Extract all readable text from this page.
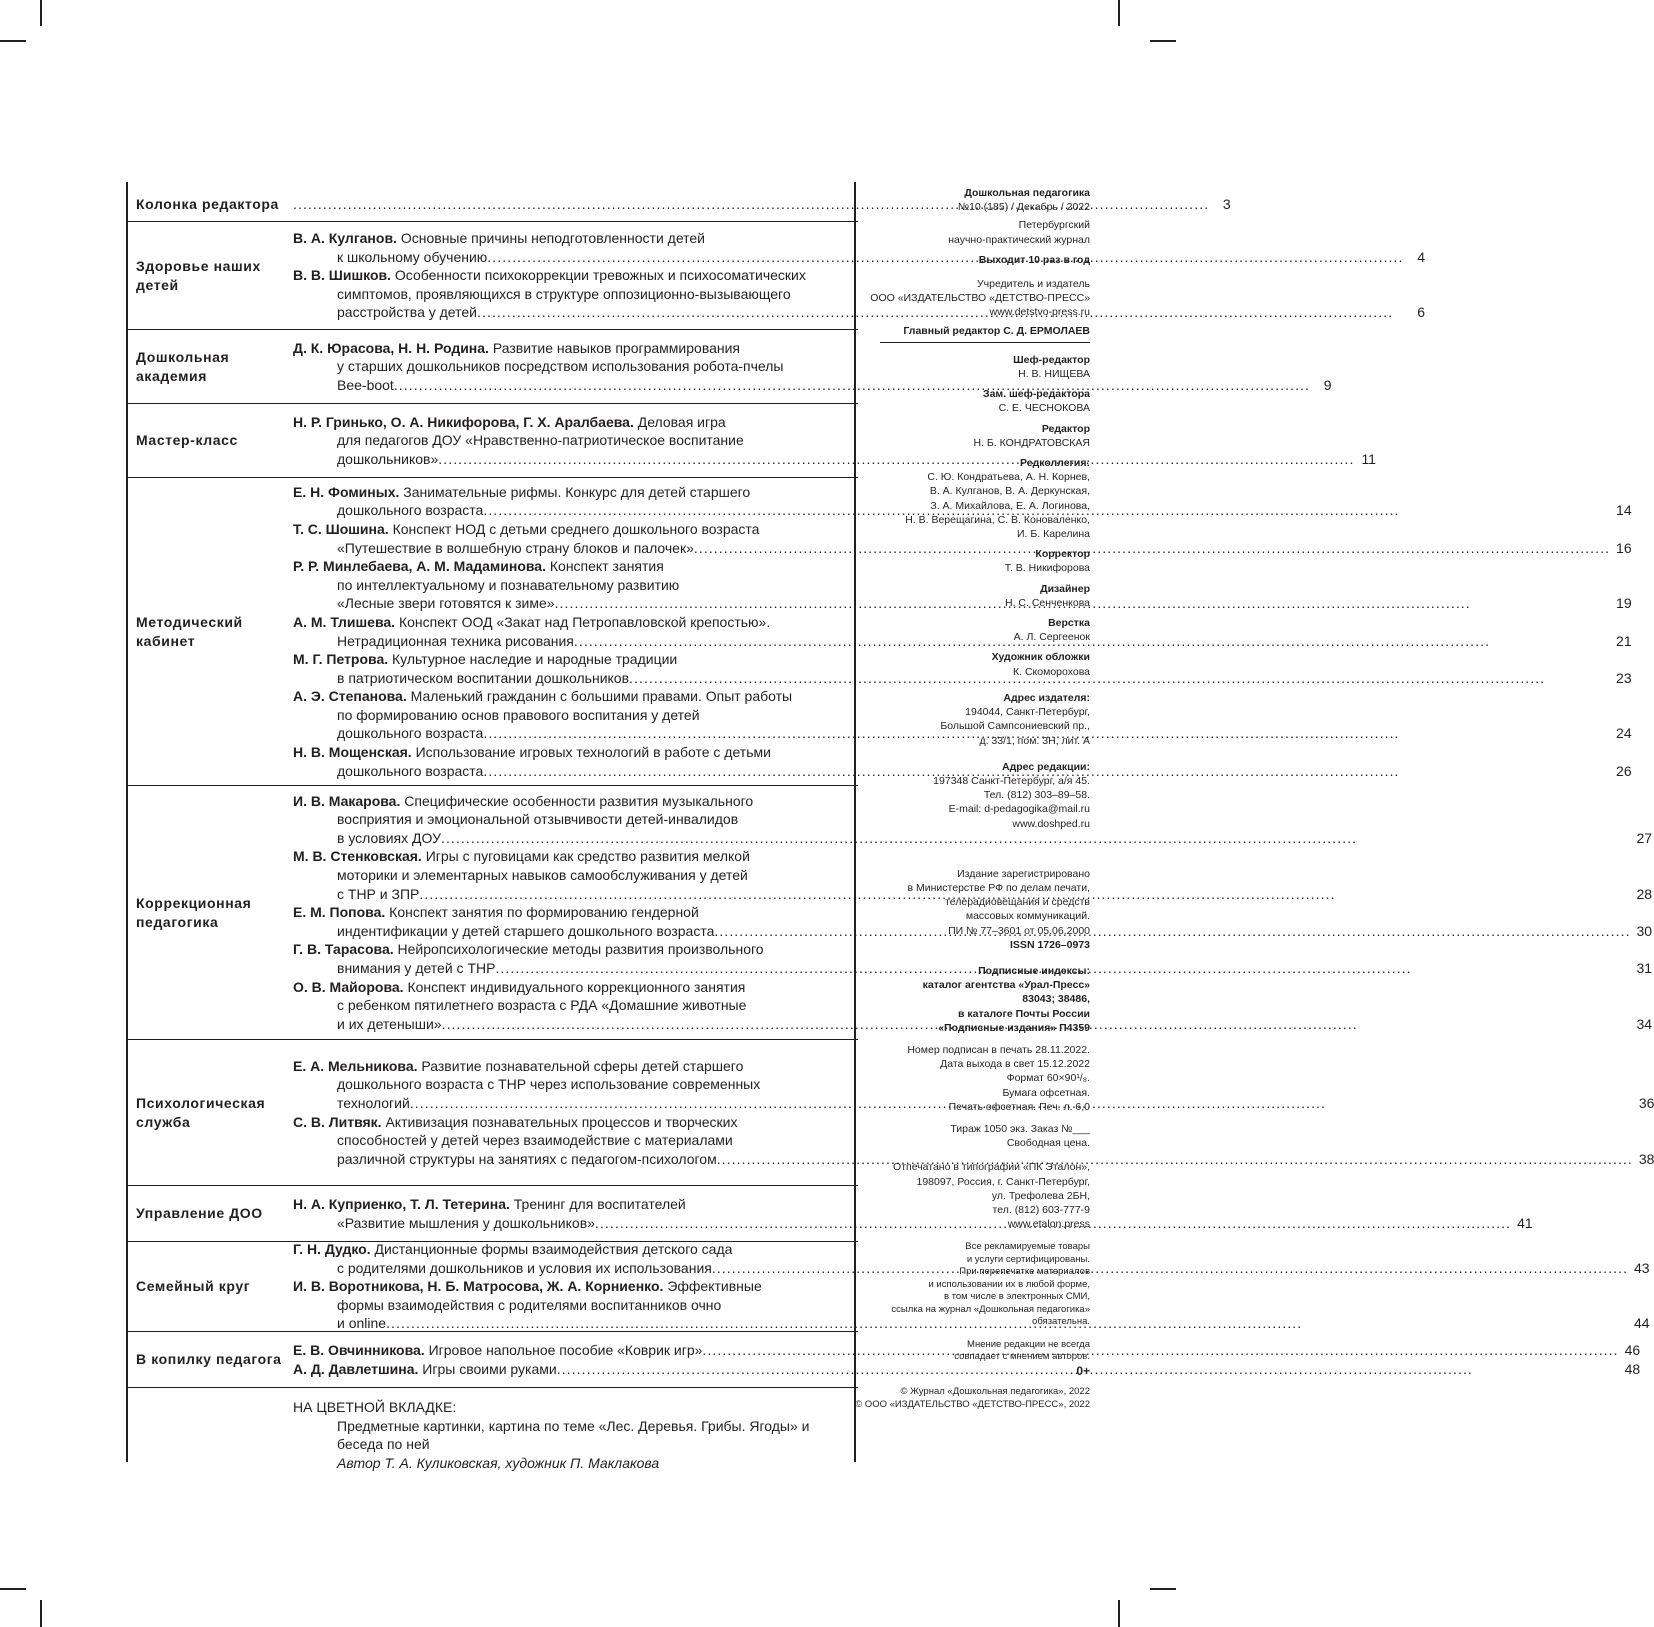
Колонка редактора . . .	3
Здоровье наших детей
В. А. Кулганов. Основные причины неподготовленности детей
к школьному обучению . . .	4
В. В. Шишков. Особенности психокоррекции тревожных и психосоматических
симптомов, проявляющихся в структуре оппозиционно-вызывающего
расстройства у детей . . .	6
Дошкольная академия
Д. К. Юрасова, Н. Н. Родина. Развитие навыков программирования
у старших дошкольников посредством использования робота-пчелы
Bee-boot . . .	9
Мастер-класс
Н. Р. Гринько, О. А. Никифорова, Г. Х. Аралбаева. Деловая игра
для педагогов ДОУ «Нравственно-патриотическое воспитание
дошкольников» . . .	11
Методический кабинет
Е. Н. Фоминых. Занимательные рифмы. Конкурс для детей старшего
дошкольного возраста . . .	14
Т. С. Шошина. Конспект НОД с детьми среднего дошкольного возраста
«Путешествие в волшебную страну блоков и палочек» . . .	16
Р. Р. Минлебаева, А. М. Мадаминова. Конспект занятия
по интеллектуальному и познавательному развитию
«Лесные звери готовятся к зиме» . . .	19
А. М. Тлишева. Конспект ООД «Закат над Петропавловской крепостью».
Нетрадиционная техника рисования . . .	21
М. Г. Петрова. Культурное наследие и народные традиции
в патриотическом воспитании дошкольников . . .	23
А. Э. Степанова. Маленький гражданин с большими правами. Опыт работы
по формированию основ правового воспитания у детей
дошкольного возраста . . .	24
Н. В. Мощенская. Использование игровых технологий в работе с детьми
дошкольного возраста . . .	26
Коррекционная педагогика
И. В. Макарова. Специфические особенности развития музыкального
восприятия и эмоциональной отзывчивости детей-инвалидов
в условиях ДОУ . . .	27
М. В. Стенковская. Игры с пуговицами как средство развития мелкой
моторики и элементарных навыков самообслуживания у детей
с ТНР и ЗПР . . .	28
Е. М. Попова. Конспект занятия по формированию гендерной
индентификации у детей старшего дошкольного возраста . . .	30
Г. В. Тарасова. Нейропсихологические методы развития произвольного
внимания у детей с ТНР . . .	31
О. В. Майорова. Конспект индивидуального коррекционного занятия
с ребенком пятилетнего возраста с РДА «Домашние животные
и их детеныши» . . .	34
Психологическая служба
Е. А. Мельникова. Развитие познавательной сферы детей старшего
дошкольного возраста с ТНР через использование современных
технологий . . .	36
С. В. Литвяк. Активизация познавательных процессов и творческих
способностей у детей через взаимодействие с материалами
различной структуры на занятиях с педагогом-психологом . . .	38
Управление ДОО
Н. А. Куприенко, Т. Л. Тетерина. Тренинг для воспитателей
«Развитие мышления у дошкольников» . . .	41
Семейный круг
Г. Н. Дудко. Дистанционные формы взаимодействия детского сада
с родителями дошкольников и условия их использования . . .	43
И. В. Воротникова, Н. Б. Матросова, Ж. А. Корниенко. Эффективные
формы взаимодействия с родителями воспитанников очно
и online . . .	44
В копилку педагога
Е. В. Овчинникова. Игровое напольное пособие «Коврик игр» . . .	46
А. Д. Давлетшина. Игры своими руками . . .	48
НА ЦВЕТНОЙ ВКЛАДКЕ:
Предметные картинки, картина по теме «Лес. Деревья. Грибы. Ягоды» и
беседа по ней
Автор Т. А. Куликовская, художник П. Маклакова
Дошкольная педагогика
№10 (185) / Декабрь / 2022
Петербургский
научно-практический журнал
Выходит 10 раз в год
Учредитель и издатель
ООО «ИЗДАТЕЛЬСТВО «ДЕТСТВО-ПРЕСС»
www.detstvo-press.ru
Главный редактор С. Д. ЕРМОЛАЕВ
Шеф-редактор
Н. В. НИЩЕВА
Зам. шеф-редактора
С. Е. ЧЕСНОКОВА
Редактор
Н. Б. КОНДРАТОВСКАЯ
Редколлегия:
С. Ю. Кондратьева, А. Н. Корнев,
В. А. Кулганов, В. А. Деркунская,
З. А. Михайлова, Е. А. Логинова,
Н. В. Верещагина, С. В. Коноваленко,
И. Б. Карелина
Корректор
Т. В. Никифорова
Дизайнер
Н. С. Сенченкова
Верстка
А. Л. Сергеенок
Художник обложки
К. Скоморохова
Адрес издателя:
194044, Санкт-Петербург,
Большой Сампсониевский пр.,
д. 33/1, пом. 3Н, лит. А
Адрес редакции:
197348 Санкт-Петербург, а/я 45.
Тел. (812) 303–89–58.
E-mail: d-pedagogika@mail.ru
www.doshped.ru
Издание зарегистрировано
в Министерстве РФ по делам печати,
телерадиовещания и средств
массовых коммуникаций.
ПИ № 77–3601 от 05.06.2000
ISSN 1726–0973
Подписные индексы:
каталог агентства «Урал-Пресс»
83043; 38486,
в каталоге Почты России
«Подписные издания» П4359
Номер подписан в печать 28.11.2022.
Дата выхода в свет 15.12.2022
Формат 60×90¹/₈.
Бумага офсетная.
Печать офсетная. Печ. л. 6,0
Тираж 1050 экз. Заказ №___
Свободная цена.
Отпечатано в типографии «ПК Эталон»,
198097, Россия, г. Санкт-Петербург,
ул. Трефолева 2БН,
тел. (812) 603-777-9
www.etalon.press
Все рекламируемые товары
и услуги сертифицированы.
При перепечатке материалов
и использовании их в любой форме,
в том числе в электронных СМИ,
ссылка на журнал «Дошкольная педагогика»
обязательна.
Мнение редакции не всегда
совпадает с мнением авторов.
0+
© Журнал «Дошкольная педагогика», 2022
© ООО «ИЗДАТЕЛЬСТВО «ДЕТСТВО-ПРЕСС», 2022
